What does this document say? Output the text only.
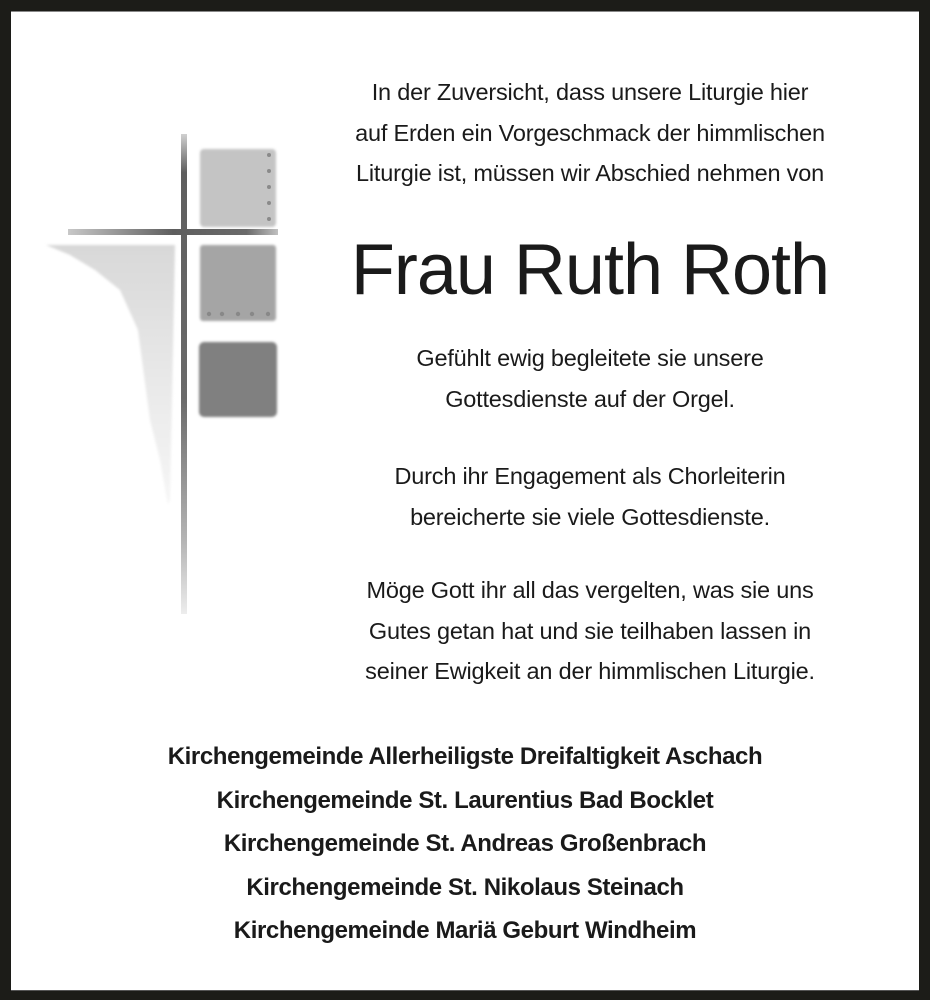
In der Zuversicht, dass unsere Liturgie hier
auf Erden ein Vorgeschmack der himmlischen
Liturgie ist, müssen wir Abschied nehmen von
Frau Ruth Roth
Gefühlt ewig begleitete sie unsere
Gottesdienste auf der Orgel.
Durch ihr Engagement als Chorleiterin
bereicherte sie viele Gottesdienste.
Möge Gott ihr all das vergelten, was sie uns
Gutes getan hat und sie teilhaben lassen in
seiner Ewigkeit an der himmlischen Liturgie.
Kirchengemeinde Allerheiligste Dreifaltigkeit Aschach
Kirchengemeinde St. Laurentius Bad Bocklet
Kirchengemeinde St. Andreas Großenbrach
Kirchengemeinde St. Nikolaus Steinach
Kirchengemeinde Mariä Geburt Windheim
